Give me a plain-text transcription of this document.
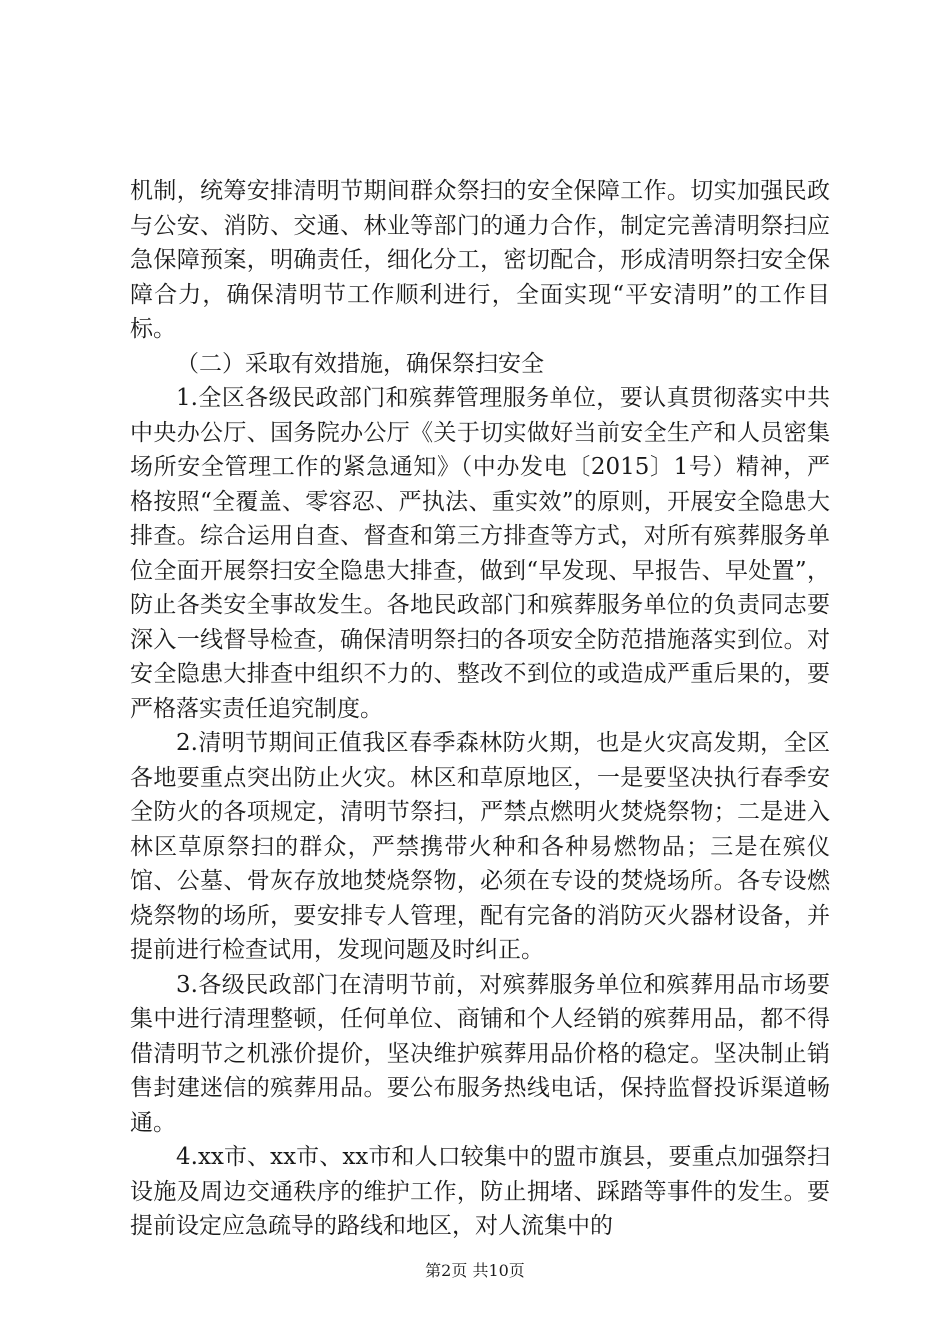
机制，统筹安排清明节期间群众祭扫的安全保障工作。切实加强民政与公安、消防、交通、林业等部门的通力合作，制定完善清明祭扫应急保障预案，明确责任，细化分工，密切配合，形成清明祭扫安全保障合力，确保清明节工作顺利进行，全面实现“平安清明”的工作目标。

（二）采取有效措施，确保祭扫安全

1.全区各级民政部门和殡葬管理服务单位，要认真贯彻落实中共中央办公厅、国务院办公厅《关于切实做好当前安全生产和人员密集场所安全管理工作的紧急通知》（中办发电〔2015〕1号）精神，严格按照“全覆盖、零容忍、严执法、重实效”的原则，开展安全隐患大排查。综合运用自查、督查和第三方排查等方式，对所有殡葬服务单位全面开展祭扫安全隐患大排查，做到“早发现、早报告、早处置”，防止各类安全事故发生。各地民政部门和殡葬服务单位的负责同志要深入一线督导检查，确保清明祭扫的各项安全防范措施落实到位。对安全隐患大排查中组织不力的、整改不到位的或造成严重后果的，要严格落实责任追究制度。

2.清明节期间正值我区春季森林防火期，也是火灾高发期，全区各地要重点突出防止火灾。林区和草原地区，一是要坚决执行春季安全防火的各项规定，清明节祭扫，严禁点燃明火焚烧祭物；二是进入林区草原祭扫的群众，严禁携带火种和各种易燃物品；三是在殡仪馆、公墓、骨灰存放地焚烧祭物，必须在专设的焚烧场所。各专设燃烧祭物的场所，要安排专人管理，配有完备的消防灭火器材设备，并提前进行检查试用，发现问题及时纠正。

3.各级民政部门在清明节前，对殡葬服务单位和殡葬用品市场要集中进行清理整顿，任何单位、商铺和个人经销的殡葬用品，都不得借清明节之机涨价提价，坚决维护殡葬用品价格的稳定。坚决制止销售封建迷信的殡葬用品。要公布服务热线电话，保持监督投诉渠道畅通。

4.xx市、xx市、xx市和人口较集中的盟市旗县，要重点加强祭扫设施及周边交通秩序的维护工作，防止拥堵、踩踏等事件的发生。要提前设定应急疏导的路线和地区，对人流集中的

第2页 共10页
